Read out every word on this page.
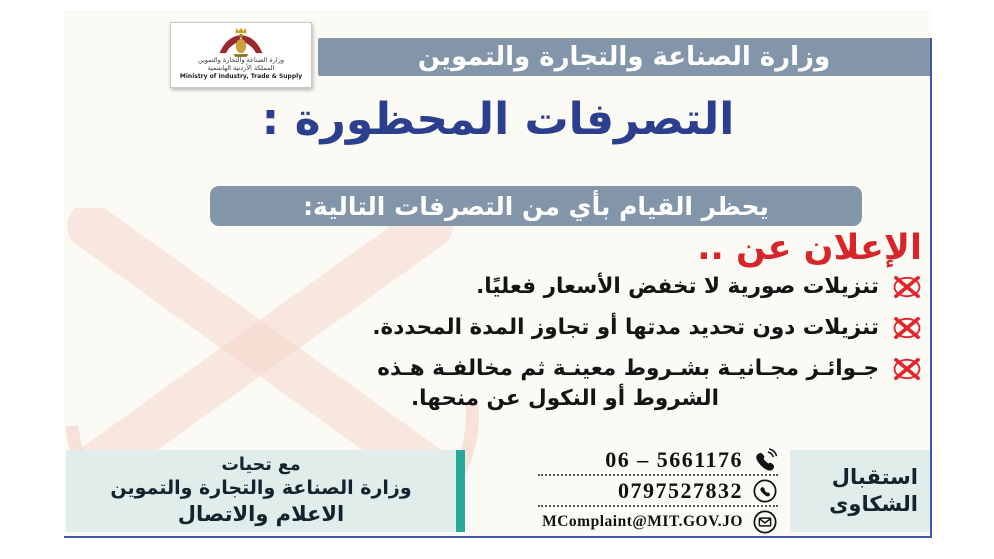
وزارة الصناعة والتجارة والتموين
وزارة الصناعة والتجارة والتموين
المملكة الأردنية الهاشمية
Ministry of Industry, Trade & Supply
التصرفات المحظورة :
يحظر القيام بأي من التصرفات التالية:
الإعلان عن ..

تنزيلات صورية لا تخفض الأسعار فعليًا.

تنزيلات دون تحديد مدتها أو تجاوز المدة المحددة.

جـوائـز مجـانيـة بشـروط معينـة ثم مخالفـة هـذه
الشروط أو النكول عن منحها.

مع تحيات
وزارة الصناعة والتجارة والتموين
الاعلام والاتصال
06 – 5661176
0797527832
MComplaint@MIT.GOV.JO
استقبال
الشكاوى
